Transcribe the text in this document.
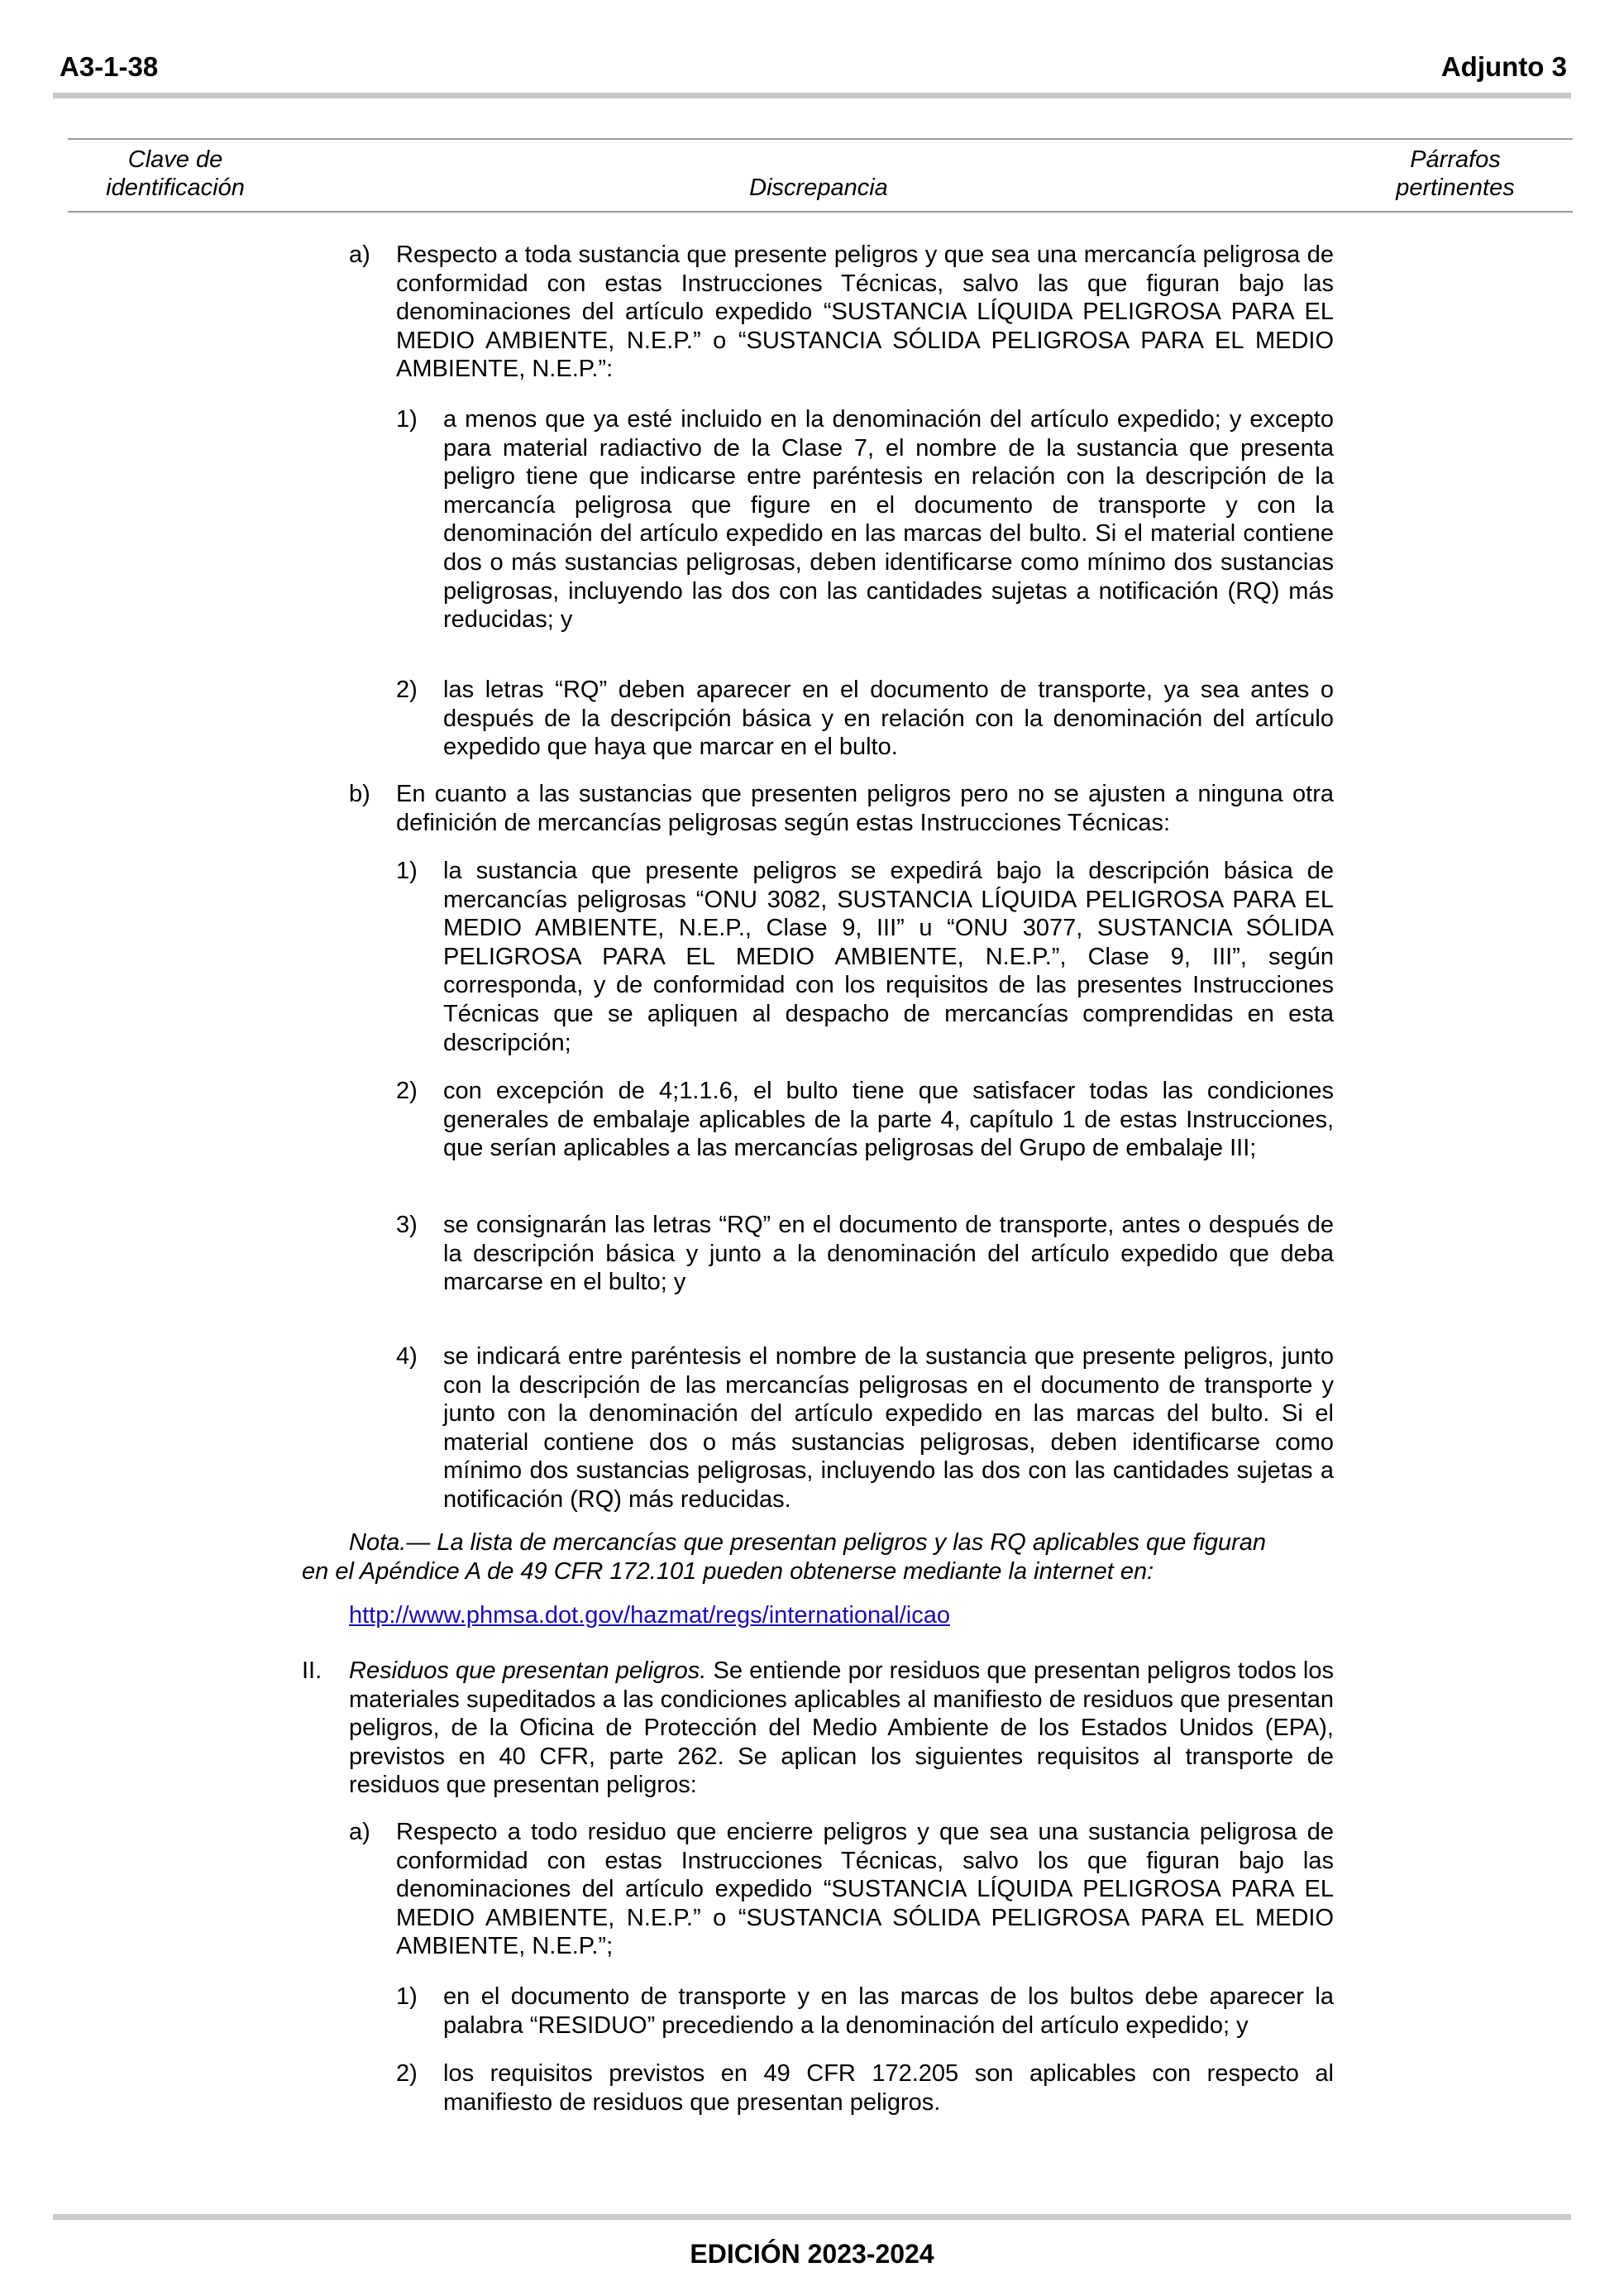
A3-1-38	Adjunto 3
Clave de
identificación	Discrepancia
Párrafos
pertinentes
a) Respecto a toda sustancia que presente peligros y que sea una mercancía peligrosa de conformidad con estas Instrucciones Técnicas, salvo las que figuran bajo las denominaciones del artículo expedido “SUSTANCIA LÍQUIDA PELIGROSA PARA EL MEDIO AMBIENTE, N.E.P.” o “SUSTANCIA SÓLIDA PELIGROSA PARA EL MEDIO AMBIENTE, N.E.P.”:

1) a menos que ya esté incluido en la denominación del artículo expedido; y excepto para material radiactivo de la Clase 7, el nombre de la sustancia que presenta peligro tiene que indicarse entre paréntesis en relación con la descripción de la mercancía peligrosa que figure en el documento de transporte y con la denominación del artículo expedido en las marcas del bulto. Si el material contiene dos o más sustancias peligrosas, deben identificarse como mínimo dos sustancias peligrosas, incluyendo las dos con las cantidades sujetas a notificación (RQ) más reducidas; y

2) las letras “RQ” deben aparecer en el documento de transporte, ya sea antes o después de la descripción básica y en relación con la denominación del artículo expedido que haya que marcar en el bulto.

b) En cuanto a las sustancias que presenten peligros pero no se ajusten a ninguna otra definición de mercancías peligrosas según estas Instrucciones Técnicas:

1) la sustancia que presente peligros se expedirá bajo la descripción básica de mercancías peligrosas “ONU 3082, SUSTANCIA LÍQUIDA PELIGROSA PARA EL MEDIO AMBIENTE, N.E.P., Clase 9, III” u “ONU 3077, SUSTANCIA SÓLIDA PELIGROSA PARA EL MEDIO AMBIENTE, N.E.P.”, Clase 9, III”, según corresponda, y de conformidad con los requisitos de las presentes Instrucciones Técnicas que se apliquen al despacho de mercancías comprendidas en esta descripción;

2) con excepción de 4;1.1.6, el bulto tiene que satisfacer todas las condiciones generales de embalaje aplicables de la parte 4, capítulo 1 de estas Instrucciones, que serían aplicables a las mercancías peligrosas del Grupo de embalaje III;

3) se consignarán las letras “RQ” en el documento de transporte, antes o después de la descripción básica y junto a la denominación del artículo expedido que deba marcarse en el bulto; y

4) se indicará entre paréntesis el nombre de la sustancia que presente peligros, junto con la descripción de las mercancías peligrosas en el documento de transporte y junto con la denominación del artículo expedido en las marcas del bulto. Si el material contiene dos o más sustancias peligrosas, deben identificarse como mínimo dos sustancias peligrosas, incluyendo las dos con las cantidades sujetas a notificación (RQ) más reducidas.

Nota.— La lista de mercancías que presentan peligros y las RQ aplicables que figuran
en el Apéndice A de 49 CFR 172.101 pueden obtenerse mediante la internet en:
http://www.phmsa.dot.gov/hazmat/regs/international/icao
II. Residuos que presentan peligros. Se entiende por residuos que presentan peligros todos los materiales supeditados a las condiciones aplicables al manifiesto de residuos que presentan peligros, de la Oficina de Protección del Medio Ambiente de los Estados Unidos (EPA), previstos en 40 CFR, parte 262. Se aplican los siguientes requisitos al transporte de residuos que presentan peligros:

a) Respecto a todo residuo que encierre peligros y que sea una sustancia peligrosa de conformidad con estas Instrucciones Técnicas, salvo los que figuran bajo las denominaciones del artículo expedido “SUSTANCIA LÍQUIDA PELIGROSA PARA EL MEDIO AMBIENTE, N.E.P.” o “SUSTANCIA SÓLIDA PELIGROSA PARA EL MEDIO AMBIENTE, N.E.P.”;

1) en el documento de transporte y en las marcas de los bultos debe aparecer la palabra “RESIDUO” precediendo a la denominación del artículo expedido; y

2) los requisitos previstos en 49 CFR 172.205 son aplicables con respecto al manifiesto de residuos que presentan peligros.

EDICIÓN 2023-2024
